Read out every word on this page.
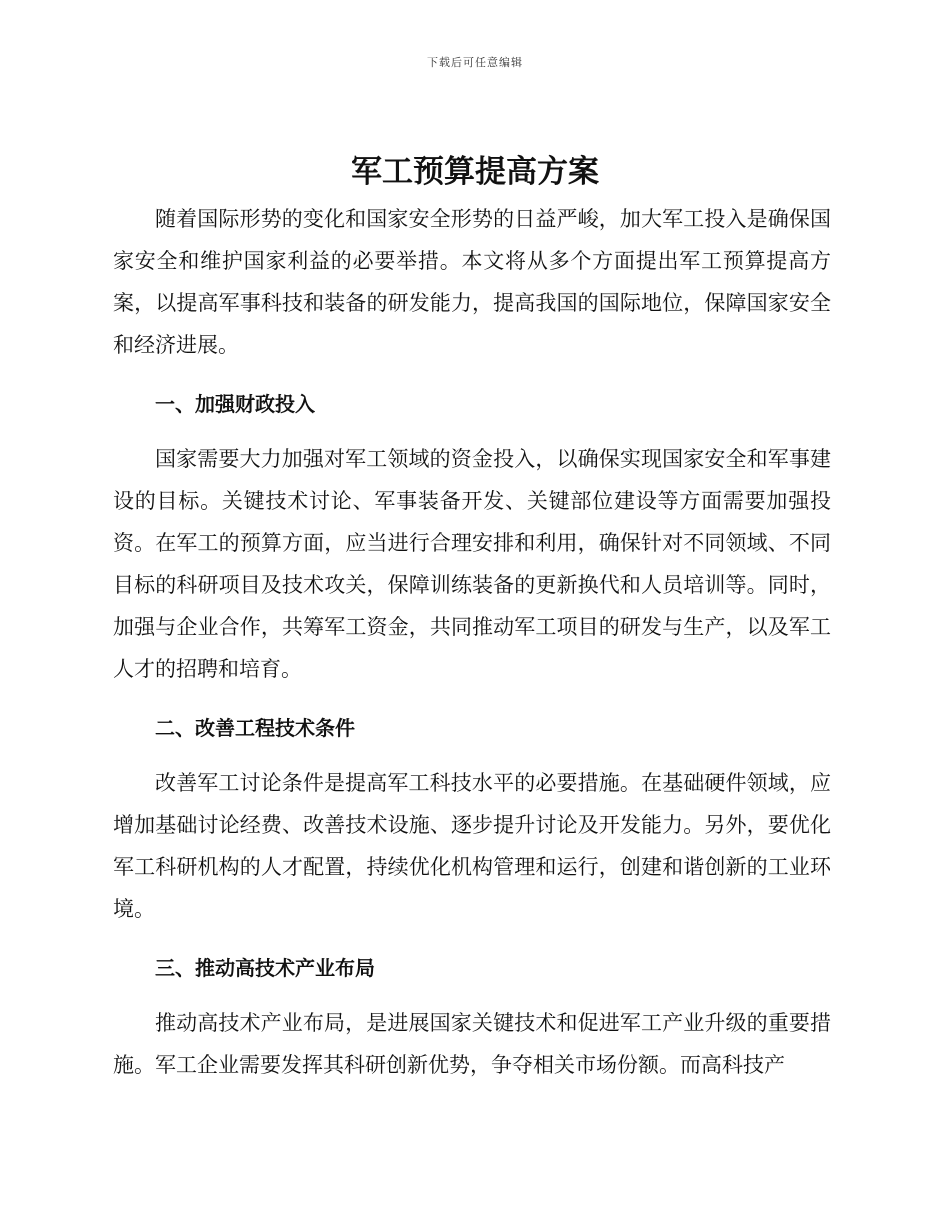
下载后可任意编辑
军工预算提高方案

随着国际形势的变化和国家安全形势的日益严峻，加大军工投入是确保国家安全和维护国家利益的必要举措。本文将从多个方面提出军工预算提高方案，以提高军事科技和装备的研发能力，提高我国的国际地位，保障国家安全和经济进展。

一、加强财政投入

国家需要大力加强对军工领域的资金投入，以确保实现国家安全和军事建设的目标。关键技术讨论、军事装备开发、关键部位建设等方面需要加强投资。在军工的预算方面，应当进行合理安排和利用，确保针对不同领域、不同目标的科研项目及技术攻关，保障训练装备的更新换代和人员培训等。同时，加强与企业合作，共筹军工资金，共同推动军工项目的研发与生产，以及军工人才的招聘和培育。

二、改善工程技术条件

改善军工讨论条件是提高军工科技水平的必要措施。在基础硬件领域，应增加基础讨论经费、改善技术设施、逐步提升讨论及开发能力。另外，要优化军工科研机构的人才配置，持续优化机构管理和运行，创建和谐创新的工业环境。

三、推动高技术产业布局

推动高技术产业布局，是进展国家关键技术和促进军工产业升级的重要措施。军工企业需要发挥其科研创新优势，争夺相关市场份额。而高科技产
